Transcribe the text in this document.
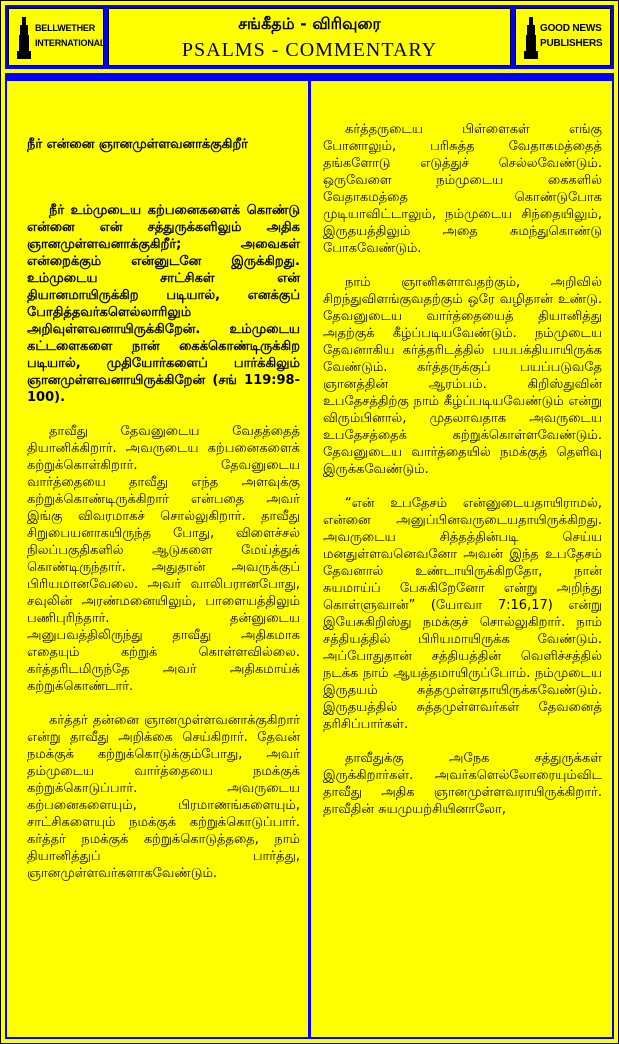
BELLWETHER
INTERNATIONAL
சங்கீதம் - விரிவுரை
PSALMS - COMMENTARY
GOOD NEWS
PUBLISHERS

நீர் என்னை ஞானமுள்ளவனாக்குகிறீர்

நீர் உம்முடைய கற்பனைகளைக் கொண்டு என்னை என் சத்துருக்களிலும் அதிக ஞானமுள்ளவனாக்குகிறீர்; அவைகள் என்றைக்கும் என்னுடனே இருக்கிறது. உம்முடைய சாட்சிகள் என் தியானமாயிருக்கிற படியால், எனக்குப் போதித்தவர்களெல்லாரிலும் அறிவுள்ளவனாயிருக்கிறேன். உம்முடைய கட்டளைகளை நான் கைக்கொண்டிருக்கிற படியால், முதியோர்களைப் பார்க்கிலும் ஞானமுள்ளவனாயிருக்கிறேன் (சங் 119:98-100).

தாவீது தேவனுடைய வேதத்தைத் தியானிக்கிறார். அவருடைய கற்பனைகளைக் கற்றுக்கொள்கிறார். தேவனுடைய வார்த்தையை தாவீது எந்த அளவுக்கு கற்றுக்கொண்டிருக்கிறார் என்பதை அவர் இங்கு விவரமாகச் சொல்லுகிறார். தாவீது சிறுபையனாகயிருந்த போது, விளைச்சல் நிலப்பகுதிகளில் ஆடுகளை மேய்த்துக் கொண்டிருந்தார். அதுதான் அவருக்குப் பிரியமானவேலை. அவர் வாலிபரானபோது, சவுலின் அரண்மனையிலும், பாளையத்திலும் பணிபுரிந்தார். தன்னுடைய அனுபவத்திலிருந்து தாவீது அதிகமாக எதையும் கற்றுக் கொள்ளவில்லை. கர்த்தரிடமிருந்தே அவர் அதிகமாய்க் கற்றுக்கொண்டார்.

கர்த்தர் தன்னை ஞானமுள்ளவனாக்குகிறார் என்று தாவீது அறிக்கை செய்கிறார். தேவன் நமக்குக் கற்றுக்கொடுக்கும்போது, அவர் தம்முடைய வார்த்தையை நமக்குக் கற்றுக்கொடுப்பார். அவருடைய கற்பனைகளையும், பிரமாணங்களையும், சாட்சிகளையும் நமக்குக் கற்றுக்கொடுப்பார். கர்த்தர் நமக்குக் கற்றுக்கொடுத்ததை, நாம் தியானித்துப் பார்த்து, ஞானமுள்ளவர்களாகவேண்டும்.

கர்த்தருடைய பிள்ளைகள் எங்கு போனாலும், பரிசுத்த வேதாகமத்தைத் தங்களோடு எடுத்துச் செல்லவேண்டும். ஒருவேளை நம்முடைய கைகளில் வேதாகமத்தை கொண்டுபோக முடியாவிட்டாலும், நம்முடைய சிந்தையிலும், இருதயத்திலும் அதை சுமந்துகொண்டு போகவேண்டும்.

நாம் ஞானிகளாவதற்கும், அறிவில் சிறந்துவிளங்குவதற்கும் ஒரே வழிதான் உண்டு. தேவனுடைய வார்த்தையைத் தியானித்து அதற்குக் கீழ்ப்படியவேண்டும். நம்முடைய தேவனாகிய கர்த்தரிடத்தில் பயபக்தியாயிருக்க வேண்டும். கர்த்தருக்குப் பயப்படுவதே ஞானத்தின் ஆரம்பம். கிறிஸ்துவின் உபதேசத்திற்கு நாம் கீழ்ப்படியவேண்டும் என்று விரும்பினால், முதலாவதாக அவருடைய உபதேசத்தைக் கற்றுக்கொள்ளவேண்டும். தேவனுடைய வார்த்தையில் நமக்குத் தெளிவு இருக்கவேண்டும்.

“என் உபதேசம் என்னுடையதாயிராமல், என்னை அனுப்பினவருடையதாயிருக்கிறது. அவருடைய சித்தத்தின்படி செய்ய மனதுள்ளவனெவனோ அவன் இந்த உபதேசம் தேவனால் உண்டாயிருக்கிறதோ, நான் சுயமாய்ப் பேசுகிறேனோ என்று அறிந்து கொள்ளுவான்” (யோவா 7:16,17) என்று இயேசுகிறிஸ்து நமக்குச் சொல்லுகிறார். நாம் சத்தியத்தில் பிரியமாயிருக்க வேண்டும். அப்போதுதான் சத்தியத்தின் வெளிச்சத்தில் நடக்க நாம் ஆயத்தமாயிருப்போம். நம்முடைய இருதயம் சுத்தமுள்ளதாயிருக்கவேண்டும். இருதயத்தில் சுத்தமுள்ளவர்கள் தேவனைத் தரிசிப்பார்கள்.

தாவீதுக்கு அநேக சத்துருக்கள் இருக்கிறார்கள். அவர்களெல்லோரையும்விட தாவீது அதிக ஞானமுள்ளவராயிருக்கிறார். தாவீதின் சுயமுயற்சியினாலோ,
